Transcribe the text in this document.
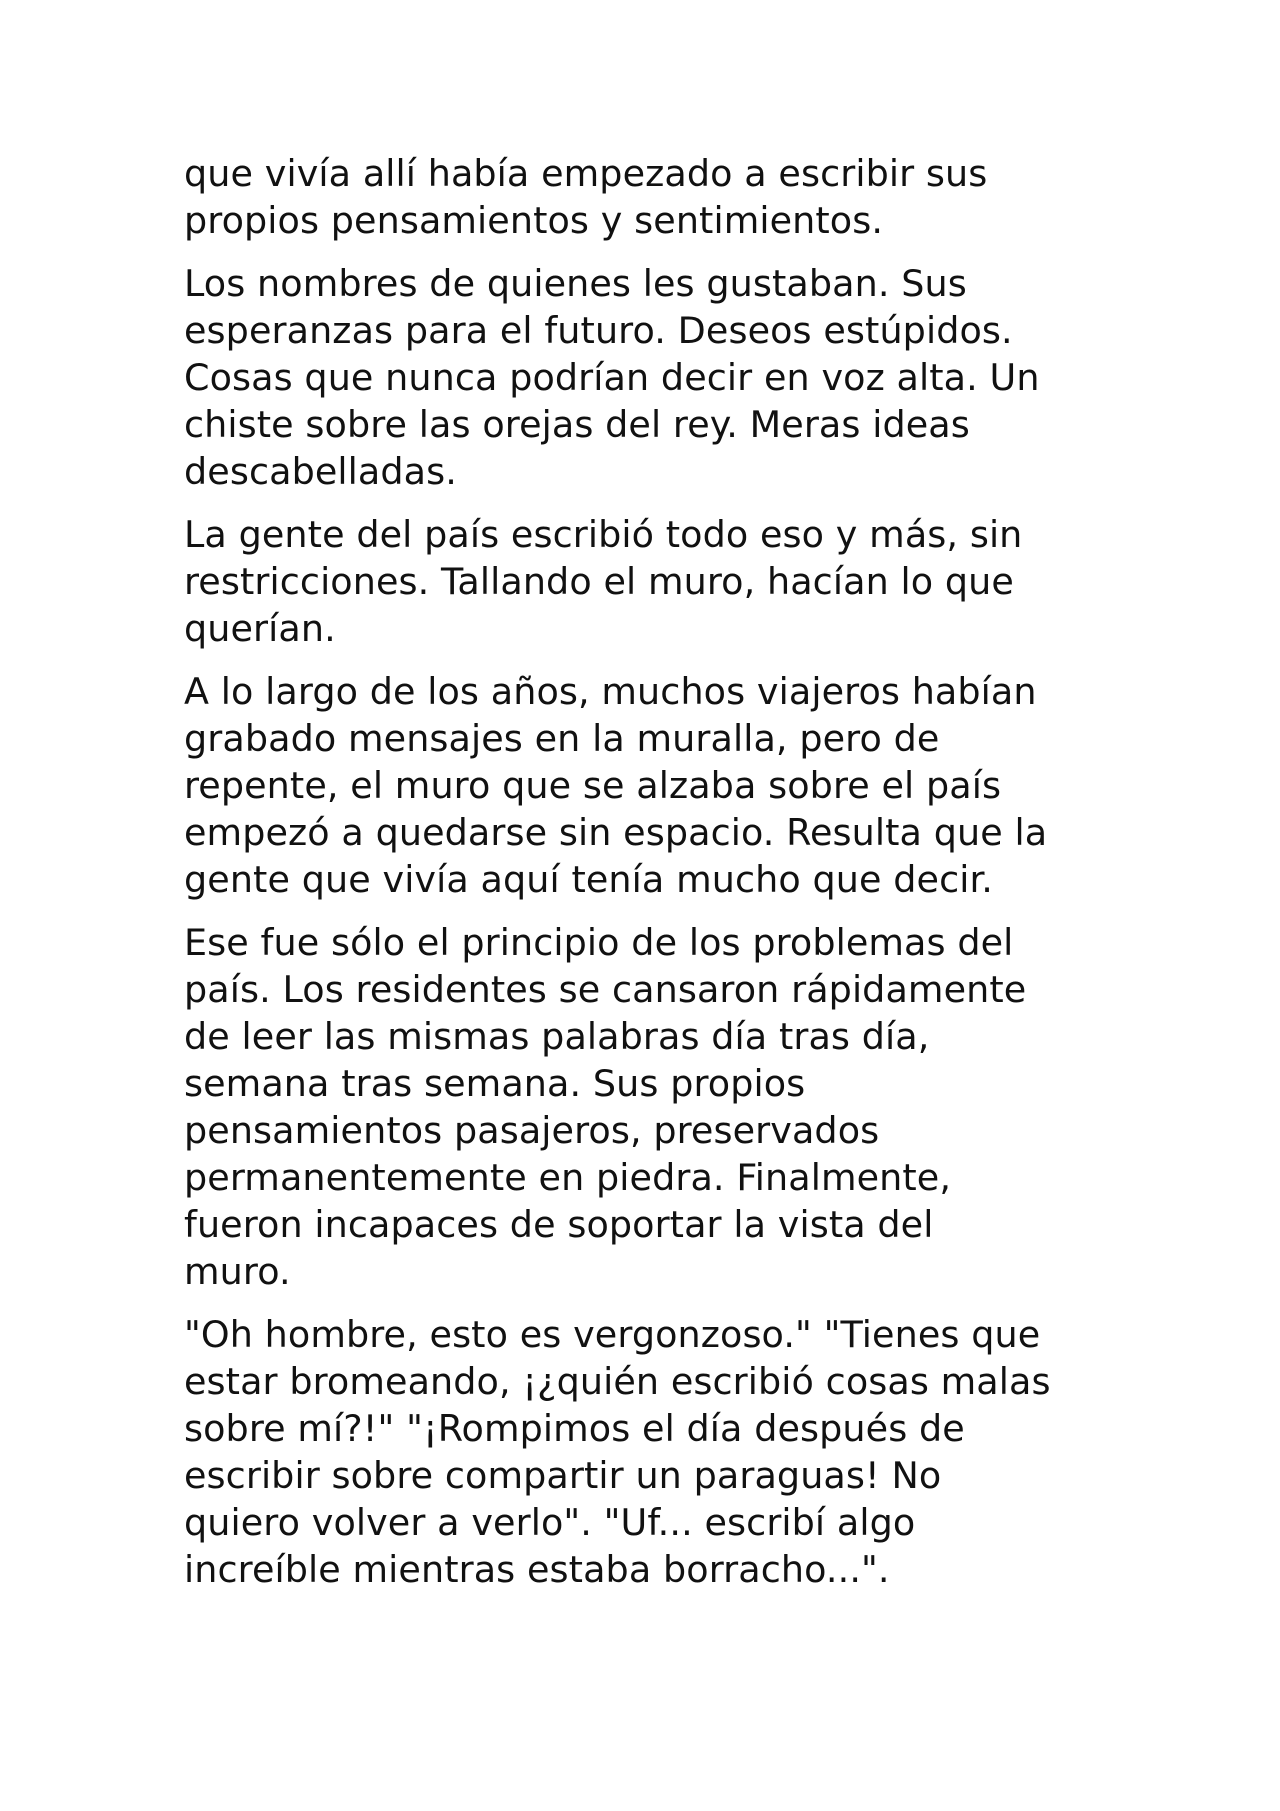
que vivía allí había empezado a escribir sus
propios pensamientos y sentimientos.

Los nombres de quienes les gustaban. Sus
esperanzas para el futuro. Deseos estúpidos.
Cosas que nunca podrían decir en voz alta. Un
chiste sobre las orejas del rey. Meras ideas
descabelladas.

La gente del país escribió todo eso y más, sin
restricciones. Tallando el muro, hacían lo que
querían.

A lo largo de los años, muchos viajeros habían
grabado mensajes en la muralla, pero de
repente, el muro que se alzaba sobre el país
empezó a quedarse sin espacio. Resulta que la
gente que vivía aquí tenía mucho que decir.

Ese fue sólo el principio de los problemas del
país. Los residentes se cansaron rápidamente
de leer las mismas palabras día tras día,
semana tras semana. Sus propios
pensamientos pasajeros, preservados
permanentemente en piedra. Finalmente,
fueron incapaces de soportar la vista del
muro.

"Oh hombre, esto es vergonzoso." "Tienes que
estar bromeando, ¡¿quién escribió cosas malas
sobre mí?!" "¡Rompimos el día después de
escribir sobre compartir un paraguas! No
quiero volver a verlo". "Uf... escribí algo
increíble mientras estaba borracho...".
